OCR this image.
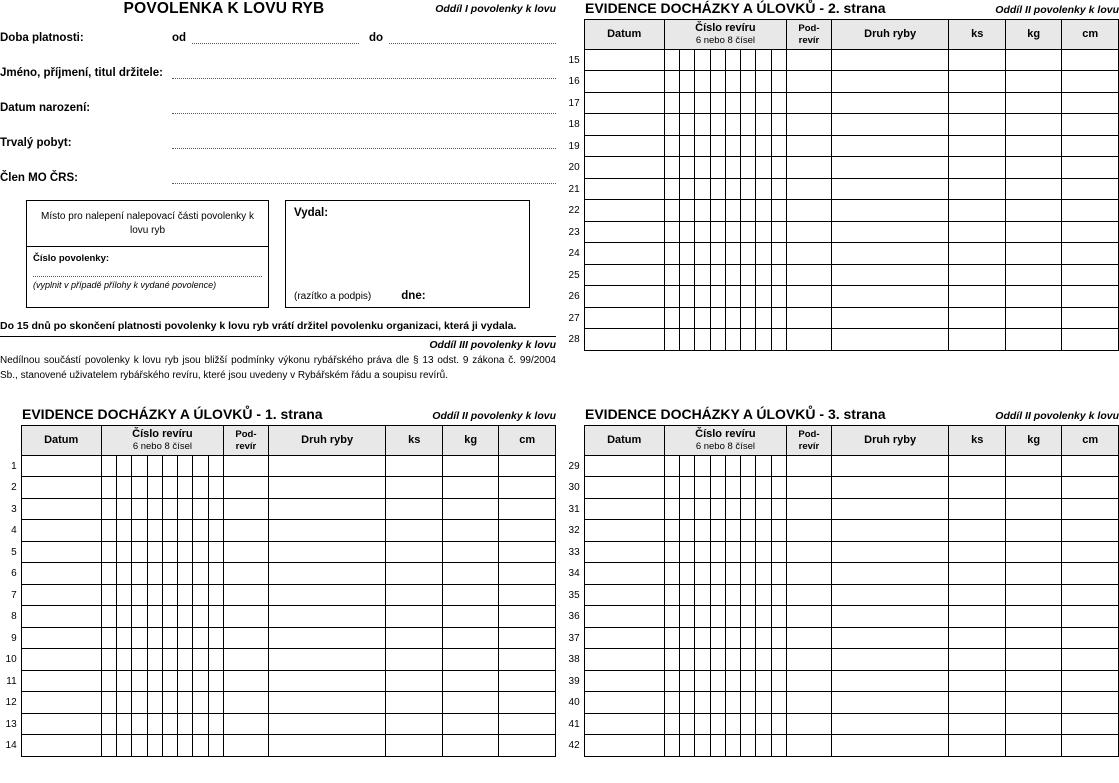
POVOLENKA K LOVU RYB	Oddíl I povolenky k lovu
Doba platnosti:	od	do
Jméno, příjmení, titul držitele:
Datum narození:
Trvalý pobyt:
Člen MO ČRS:
Místo pro nalepení nalepovací části povolenky k lovu ryb
Číslo povolenky:
(vyplnit v případě přílohy k vydané povolence)
Vydal:
(razítko a podpis)	dne:
Do 15 dnů po skončení platnosti povolenky k lovu ryb vrátí držitel povolenku organizaci, která ji vydala.
Oddíl III povolenky k lovu
Nedílnou součástí povolenky k lovu ryb jsou bližší podmínky výkonu rybářského práva dle § 13 odst. 9 zákona č. 99/2004 Sb., stanovené uživatelem rybářského revíru, které jsou uvedeny v Rybářském řádu a soupisu revírů.
EVIDENCE DOCHÁZKY A ÚLOVKŮ - 1. strana	Oddíl II povolenky k lovu
	Datum	Číslo revíru
6 nebo 8 čísel								Pod-
revír	Druh ryby	ks	kg	cm
1														
2														
3														
4														
5														
6														
7														
8														
9														
10														
11														
12														
13														
14														
EVIDENCE DOCHÁZKY A ÚLOVKŮ - 2. strana	Oddíl II povolenky k lovu
	Datum	Číslo revíru
6 nebo 8 čísel								Pod-
revír	Druh ryby	ks	kg	cm
15														
16														
17														
18														
19														
20														
21														
22														
23														
24														
25														
26														
27														
28														
EVIDENCE DOCHÁZKY A ÚLOVKŮ - 3. strana	Oddíl II povolenky k lovu
	Datum	Číslo revíru
6 nebo 8 čísel								Pod-
revír	Druh ryby	ks	kg	cm
29														
30														
31														
32														
33														
34														
35														
36														
37														
38														
39														
40														
41														
42														
